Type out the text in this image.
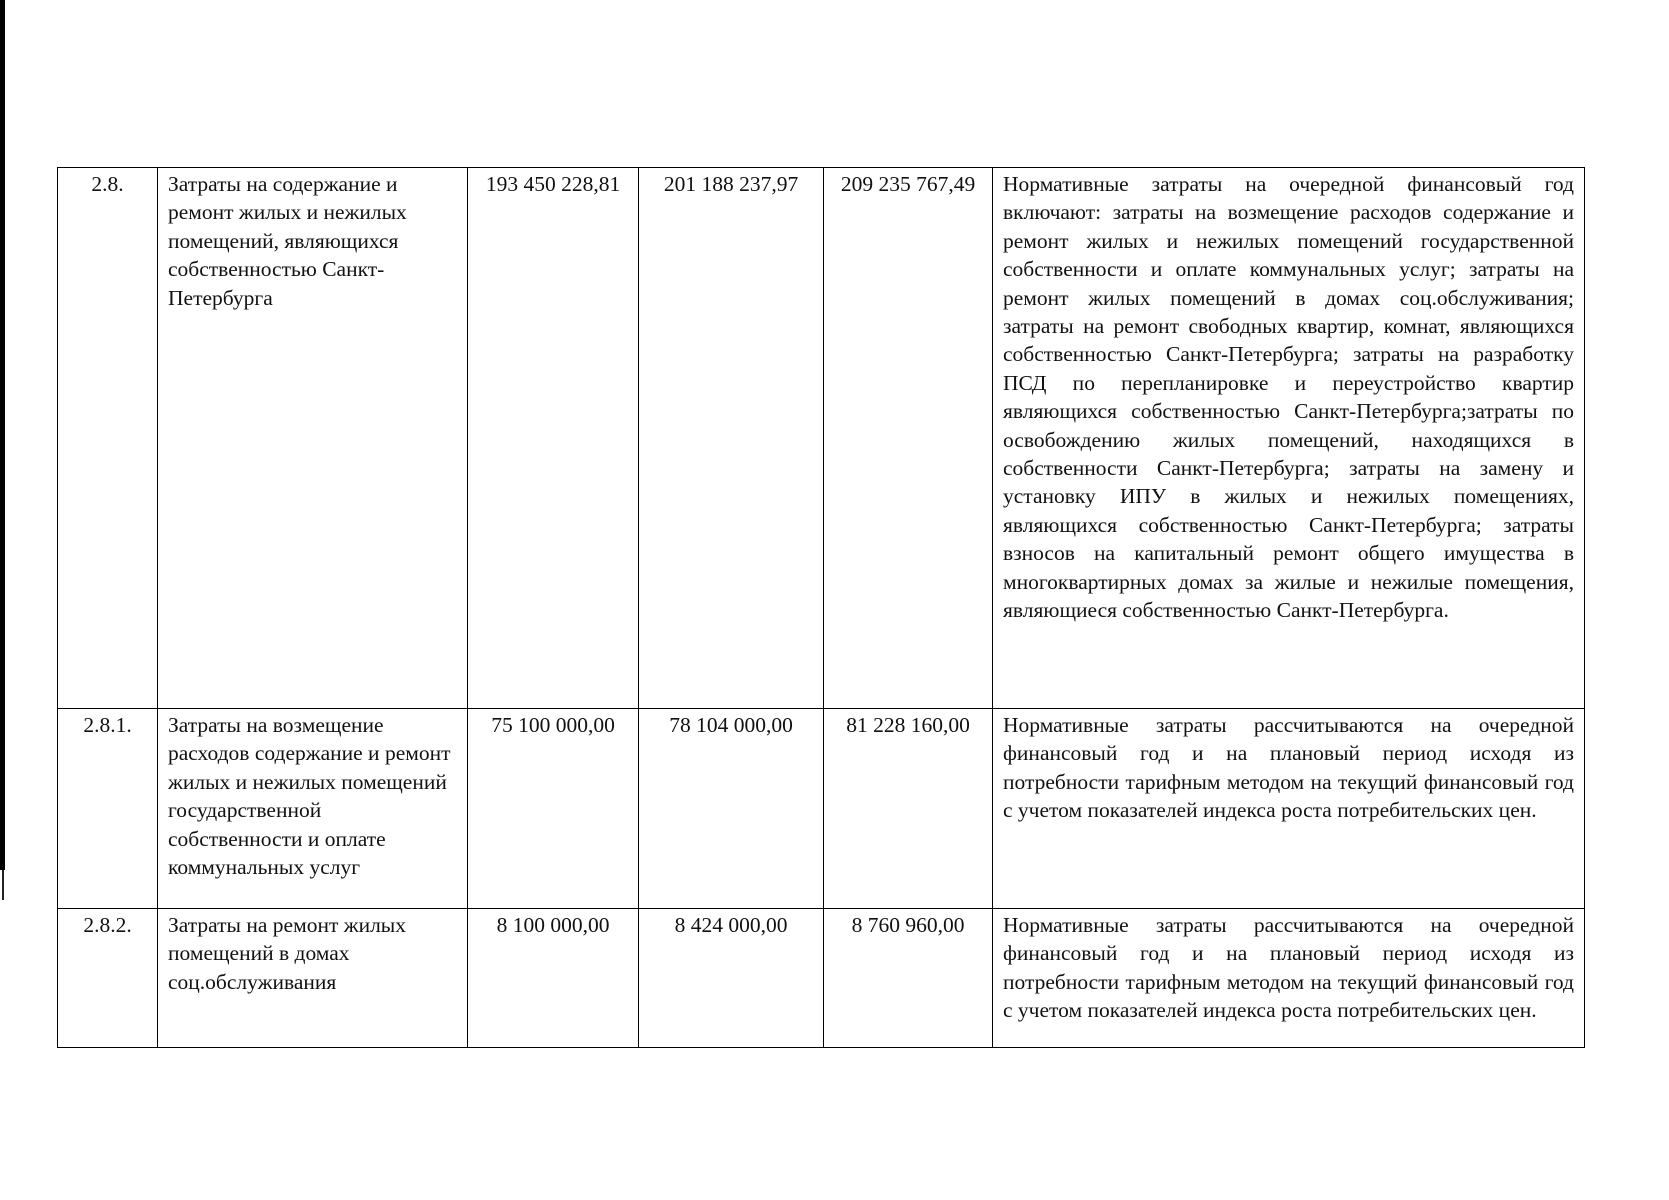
2.8.	Затраты на содержание и ремонт жилых и нежилых помещений, являющихся собственностью Санкт-Петербурга	193 450 228,81	201 188 237,97	209 235 767,49	Нормативные затраты на очередной финансовый год включают: затраты на возмещение расходов содержание и ремонт жилых и нежилых помещений государственной собственности и оплате коммунальных услуг; затраты на ремонт жилых помещений в домах соц.обслуживания; затраты на ремонт свободных квартир, комнат, являющихся собственностью Санкт-Петербурга; затраты на разработку ПСД по перепланировке и переустройство квартир являющихся собственностью Санкт-Петербурга;затраты по освобождению жилых помещений, находящихся в собственности Санкт-Петербурга; затраты на замену и установку ИПУ в жилых и нежилых помещениях, являющихся собственностью Санкт-Петербурга; затраты взносов на капитальный ремонт общего имущества в многоквартирных домах за жилые и нежилые помещения, являющиеся собственностью Санкт-Петербурга.
2.8.1.	Затраты на возмещение расходов содержание и ремонт жилых и нежилых помещений государственной собственности и оплате коммунальных услуг	75 100 000,00	78 104 000,00	81 228 160,00	Нормативные затраты рассчитываются на очередной финансовый год и на плановый период исходя из потребности тарифным методом на текущий финансовый год с учетом показателей индекса роста потребительских цен.
2.8.2.	Затраты на ремонт жилых помещений в домах соц.обслуживания	8 100 000,00	8 424 000,00	8 760 960,00	Нормативные затраты рассчитываются на очередной финансовый год и на плановый период исходя из потребности тарифным методом на текущий финансовый год с учетом показателей индекса роста потребительских цен.
